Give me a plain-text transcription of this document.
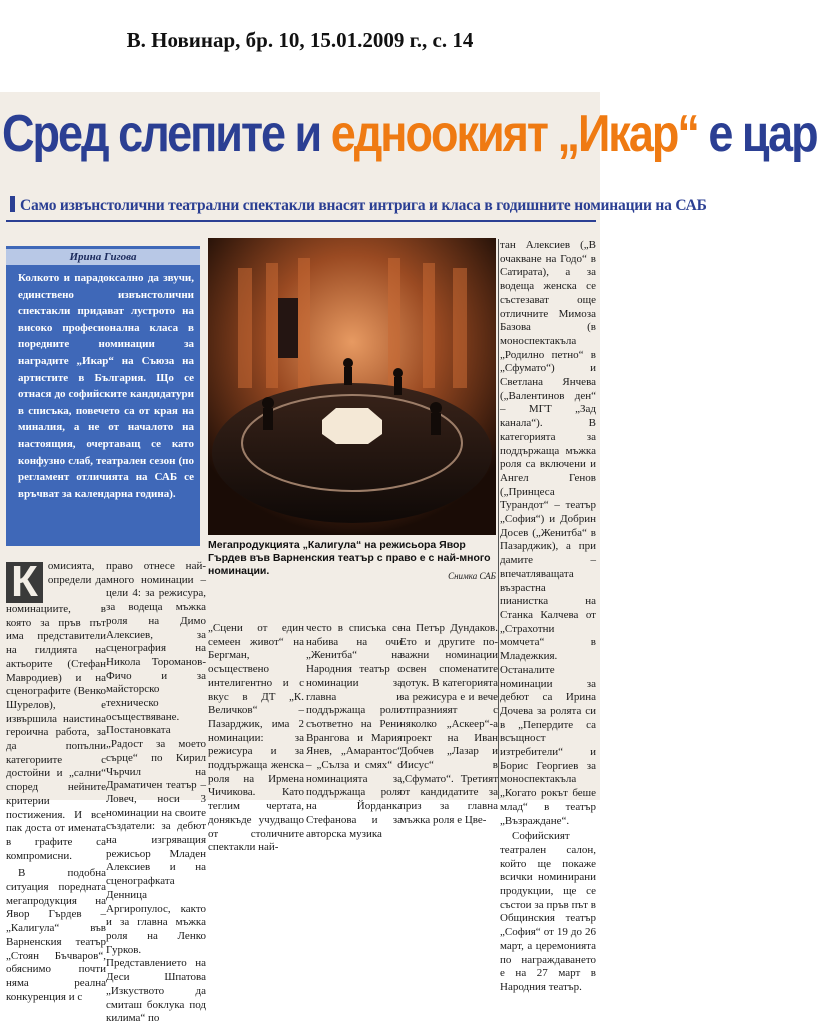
В. Новинар, бр. 10, 15.01.2009 г., с. 14
Сред слепите и едноокият „Икар“ е цар
Само извънстолични театрални спектакли внасят интрига и класа в годишните номинации на САБ
Ирина Гигова
Колкото и парадоксално да звучи, единствено извънстолични спектакли придават лустрото на високо професионална класа в поредните номинации за наградите „Икар“ на Съюза на артистите в България. Що се отнася до софийските кандидатури в списъка, повечето са от края на миналия, а не от началото на настоящия, очертаващ се като конфузно слаб, театрален сезон (по регламент отличията на САБ се връчват за календарна година).
Мегапродукцията „Калигула“ на режисьора Явор Гърдев във Варненския театър с право е с най-много номинации.	Снимка САБ

К омисията, определи да номинациите, в която за пръв път има представители на гилдията на актьорите (Стефан Мавродиев) и на сценографите (Венко Шурелов), е извършила наистина героична работа, за да попълни категориите с достойни и „сални“ според нейните критерии постижения. И все пак доста от имената в графите са компромисни.

В подобна ситуация поредната мегапродукция на Явор Гърдев – „Калигула“ във Варненския театър „Стоян Бъчваров“, обяснимо почти няма реална конкуренция и с

право отнесе най-много номинации – цели 4: за режисура, за водеща мъжка роля на Димо Алексиев, за сценография на Никола Тороманов-Фичо и за майсторско техническо осъществяване. Постановката „Радост за моето сърце“ по Кирил Чърчил на Драматичен театър – Ловеч, носи 3 номинации на своите създатели: за дебют на изгряващия режисьор Младен Алексиев и на сценографката Денница Аргиропулос, както и за главна мъжка роля на Ленко Гурков. Представлението на Деси Шпатова „Изкуството да смиташ боклука под килима“ по
„Сцени от един семеен живот“ на Бергман, осъществено интелигентно и с вкус в ДТ „К. Величков“ – Пазарджик, има 2 номинации: за режисура и за поддържаща женска роля на Ирмена Чичикова. Като теглим чертата, донякъде учудващо от столичните спектакли най-
често в списъка се набива на очи „Женитба“ на Народния театър с номинации за главна и поддържаща роли съответно на Рени Врангова и Мария Янев, „Амарантос“ – „Cълза и смях“ с номинацията за поддържаща роля на Йорданка Стефанова и за авторска музика
на Петър Дундаков. Ето и другите по-важни номинации освен споменатите дотук. В категорията за режисура е и вече отпразнияят с няколко „Аскеер“-а проект на Иван Добчев „Лазар и Иисус“ в „Сфумато“. Третият от кандидатите за приз за главна мъжка роля е Цве-

тан Алексиев („В очакване на Годо“ в Сатирата), а за водеща женска се състезават още отличните Мимоза Базова (в моноспектакъла „Родилно петно“ в „Сфумато“) и Светлана Янчева („Валентинов ден“ – МГТ „Зад канала“). В категорията за поддържаща мъжка роля са включени и Ангел Генов („Принцеса Турандот“ – театър „София“) и Добрин Досев („Женитба“ в Пазарджик), а при дамите – впечатляващата възрастна пианистка на Станка Калчева от „Страхотни момчета“ в Младежкия. Останалите номинации за дебют са Ирина Дочева за ролята си в „Пепердите са всъщност изтребители“ и Борис Георгиев за моноспектакъла „Когато рокът беше млад“ в театър „Възраждане“.

Софийският театрален салон, който ще покаже всички номинирани продукции, ще се състои за пръв път в Общинския театър „София“ от 19 до 26 март, а церемонията по награждаването е на 27 март в Народния театър.
